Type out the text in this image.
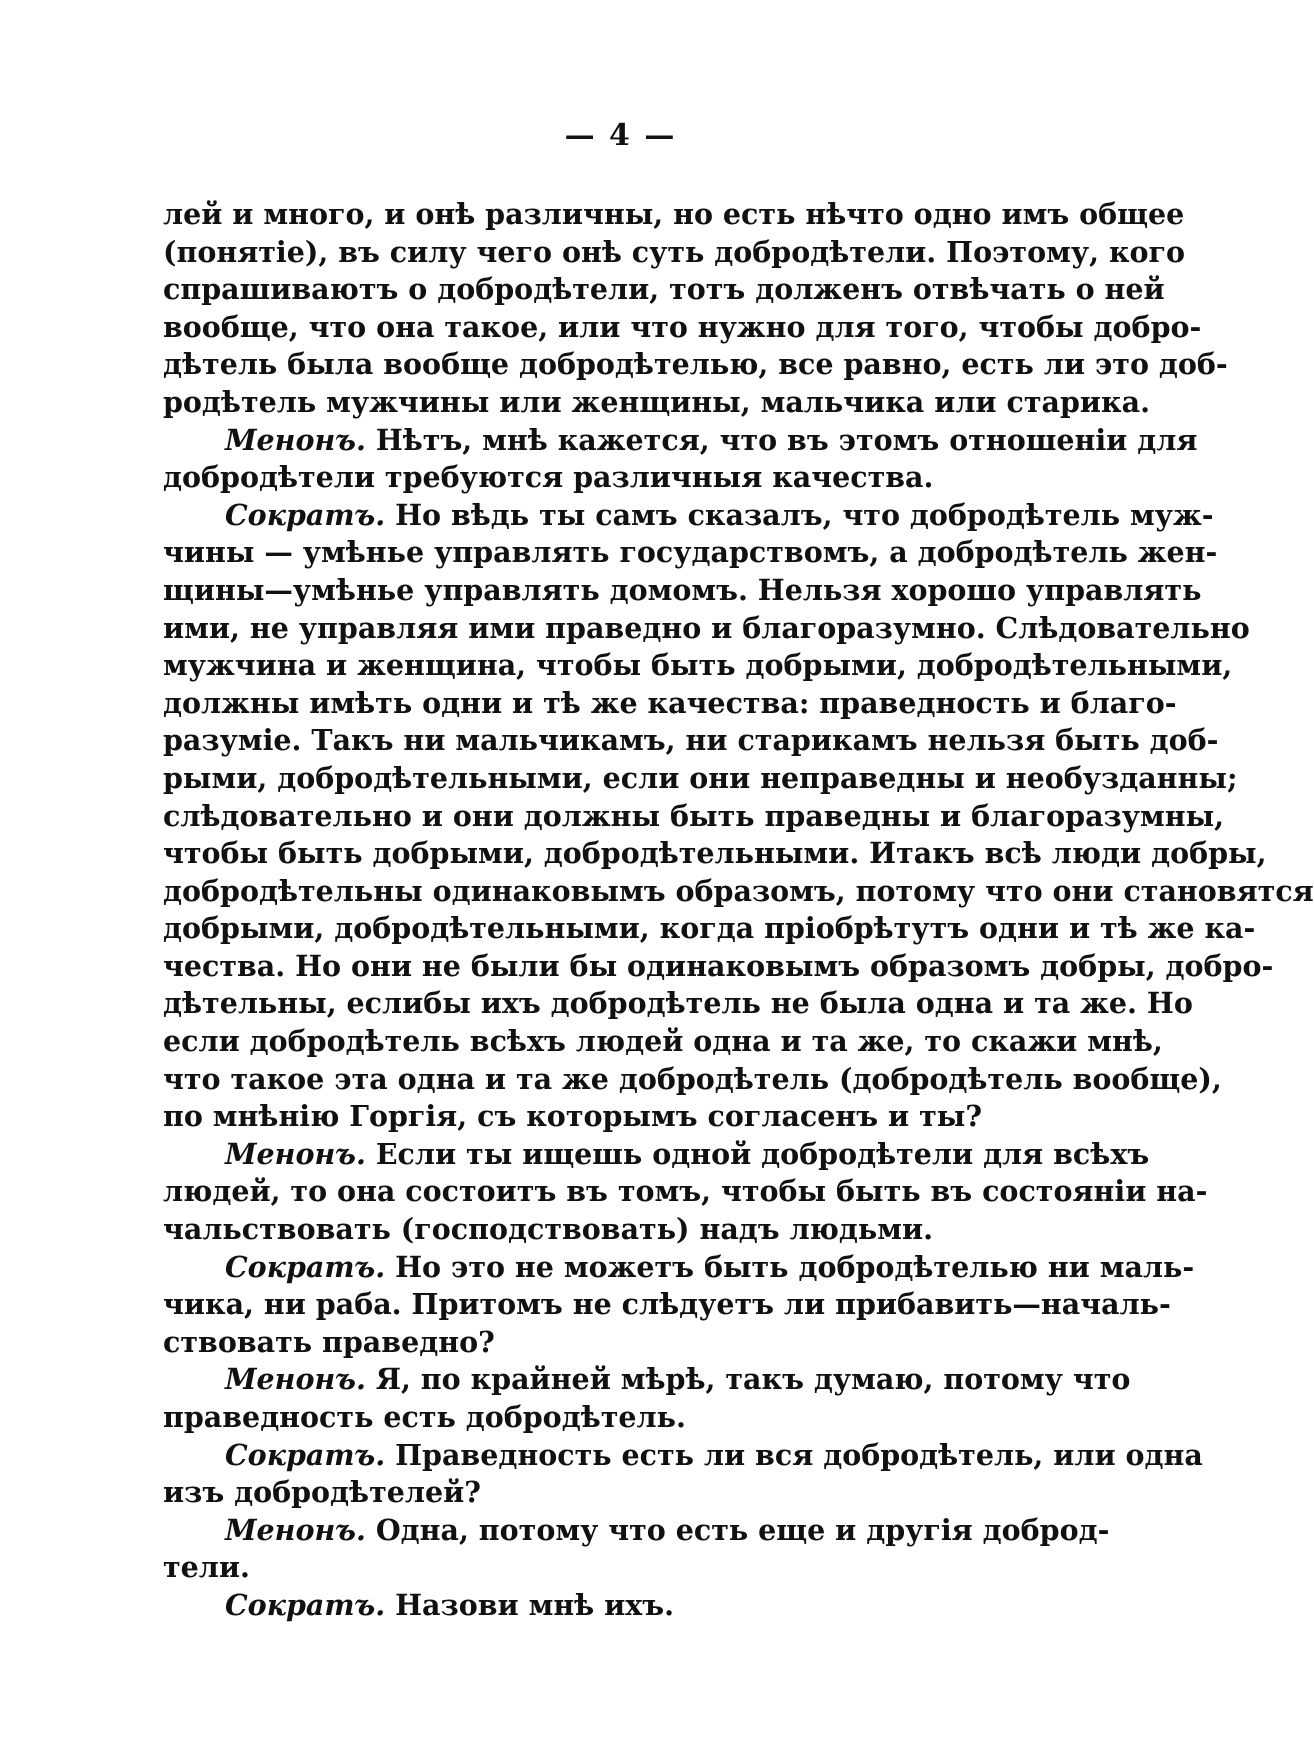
— 4 —
лей и много, и онѣ различны, но есть нѣчто одно имъ общее
(понятіе), въ силу чего онѣ суть добродѣтели. Поэтому, кого
спрашиваютъ о добродѣтели, тотъ долженъ отвѣчать о ней
вообще, что она такое, или что нужно для того, чтобы добро-
дѣтель была вообще добродѣтелью, все равно, есть ли это доб-
родѣтель мужчины или женщины, мальчика или старика.
Менонъ. Нѣтъ, мнѣ кажется, что въ этомъ отношеніи для
добродѣтели требуются различныя качества.
Сократъ. Но вѣдь ты самъ сказалъ, что добродѣтель муж-
чины — умѣнье управлять государствомъ, а добродѣтель жен-
щины—умѣнье управлять домомъ. Нельзя хорошо управлять
ими, не управляя ими праведно и благоразумно. Слѣдовательно
мужчина и женщина, чтобы быть добрыми, добродѣтельными,
должны имѣть одни и тѣ же качества: праведность и благо-
разуміе. Такъ ни мальчикамъ, ни старикамъ нельзя быть доб-
рыми, добродѣтельными, если они неправедны и необузданны;
слѣдовательно и они должны быть праведны и благоразумны,
чтобы быть добрыми, добродѣтельными. Итакъ всѣ люди добры,
добродѣтельны одинаковымъ образомъ, потому что они становятся
добрыми, добродѣтельными, когда пріобрѣтутъ одни и тѣ же ка-
чества. Но они не были бы одинаковымъ образомъ добры, добро-
дѣтельны, еслибы ихъ добродѣтель не была одна и та же. Но
если добродѣтель всѣхъ людей одна и та же, то скажи мнѣ,
что такое эта одна и та же добродѣтель (добродѣтель вообще),
по мнѣнію Горгія, съ которымъ согласенъ и ты?
Менонъ. Если ты ищешь одной добродѣтели для всѣхъ
людей, то она состоитъ въ томъ, чтобы быть въ состояніи на-
чальствовать (господствовать) надъ людьми.
Сократъ. Но это не можетъ быть добродѣтелью ни маль-
чика, ни раба. Притомъ не слѣдуетъ ли прибавить—началь-
ствовать праведно?
Менонъ. Я, по крайней мѣрѣ, такъ думаю, потому что
праведность есть добродѣтель.
Сократъ. Праведность есть ли вся добродѣтель, или одна
изъ добродѣтелей?
Менонъ. Одна, потому что есть еще и другія доброд-
тели.
Сократъ. Назови мнѣ ихъ.
